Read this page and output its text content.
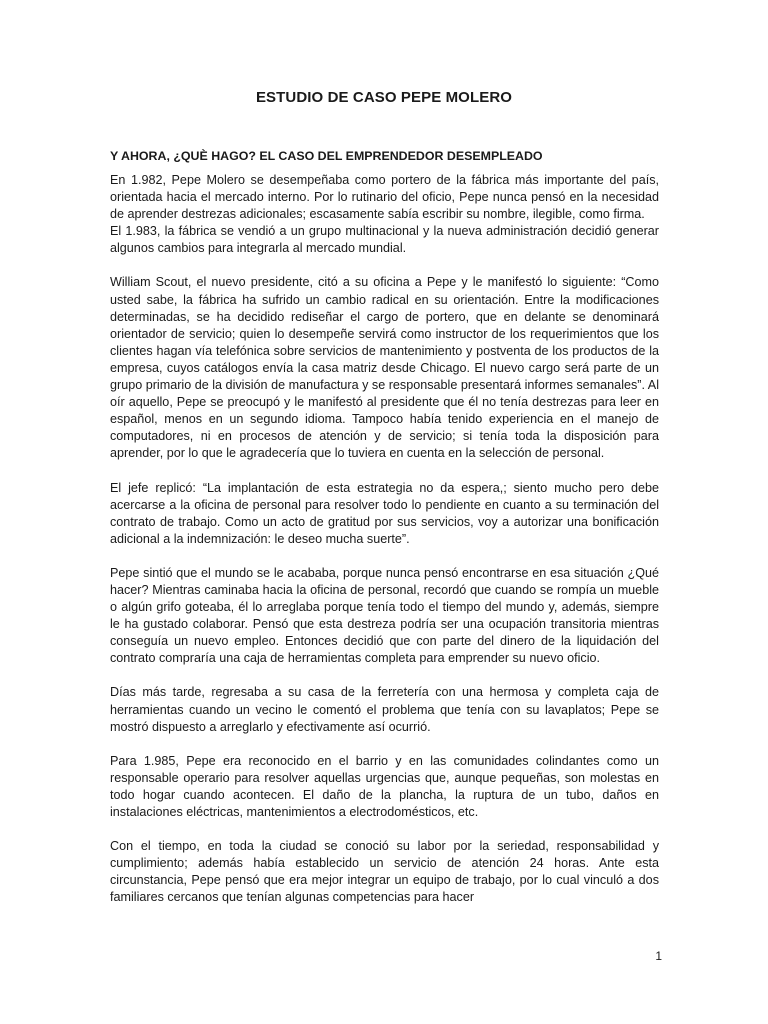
ESTUDIO DE CASO PEPE MOLERO
Y AHORA, ¿QUÈ HAGO? EL CASO DEL EMPRENDEDOR DESEMPLEADO

En 1.982, Pepe Molero se desempeñaba como portero de la fábrica más importante del país, orientada hacia el mercado interno. Por lo rutinario del oficio, Pepe nunca pensó en la necesidad de aprender destrezas adicionales; escasamente sabía escribir su nombre, ilegible, como firma.
El 1.983, la fábrica se vendió a un grupo multinacional y la nueva administración decidió generar algunos cambios para integrarla al mercado mundial.

William Scout, el nuevo presidente, citó a su oficina a Pepe y le manifestó lo siguiente: “Como usted sabe, la fábrica ha sufrido un cambio radical en su orientación. Entre la modificaciones determinadas, se ha decidido rediseñar el cargo de portero, que en delante se denominará orientador de servicio; quien lo desempeñe servirá como instructor de los requerimientos que los clientes hagan vía telefónica sobre servicios de mantenimiento y postventa de los productos de la empresa, cuyos catálogos envía la casa matriz desde Chicago. El nuevo cargo será parte de un grupo primario de la división de manufactura y se responsable presentará informes semanales”. Al oír aquello, Pepe se preocupó y le manifestó al presidente que él no tenía destrezas para leer en español, menos en un segundo idioma. Tampoco había tenido experiencia en el manejo de computadores, ni en procesos de atención y de servicio; si tenía toda la disposición para aprender, por lo que le agradecería que lo tuviera en cuenta en la selección de personal.

El jefe replicó: “La implantación de esta estrategia no da espera,; siento mucho pero debe acercarse a la oficina de personal para resolver todo lo pendiente en cuanto a su terminación del contrato de trabajo. Como un acto de gratitud por sus servicios, voy a autorizar una bonificación adicional a la indemnización: le deseo mucha suerte”.

Pepe sintió que el mundo se le acababa, porque nunca pensó encontrarse en esa situación ¿Qué hacer? Mientras caminaba hacia la oficina de personal, recordó que cuando se rompía un mueble o algún grifo goteaba, él lo arreglaba porque tenía todo el tiempo del mundo y, además, siempre le ha gustado colaborar. Pensó que esta destreza podría ser una ocupación transitoria mientras conseguía un nuevo empleo. Entonces decidió que con parte del dinero de la liquidación del contrato compraría una caja de herramientas completa para emprender su nuevo oficio.

Días más tarde, regresaba a su casa de la ferretería con una hermosa y completa caja de herramientas cuando un vecino le comentó el problema que tenía con su lavaplatos; Pepe se mostró dispuesto a arreglarlo y efectivamente así ocurrió.

Para 1.985, Pepe era reconocido en el barrio y en las comunidades colindantes como un responsable operario para resolver aquellas urgencias que, aunque pequeñas, son molestas en todo hogar cuando acontecen. El daño de la plancha, la ruptura de un tubo, daños en instalaciones eléctricas, mantenimientos a electrodomésticos, etc.

Con el tiempo, en toda la ciudad se conoció su labor por la seriedad, responsabilidad y cumplimiento; además había establecido un servicio de atención 24 horas. Ante esta circunstancia, Pepe pensó que era mejor integrar un equipo de trabajo, por lo cual vinculó a dos familiares cercanos que tenían algunas competencias para hacer

1
